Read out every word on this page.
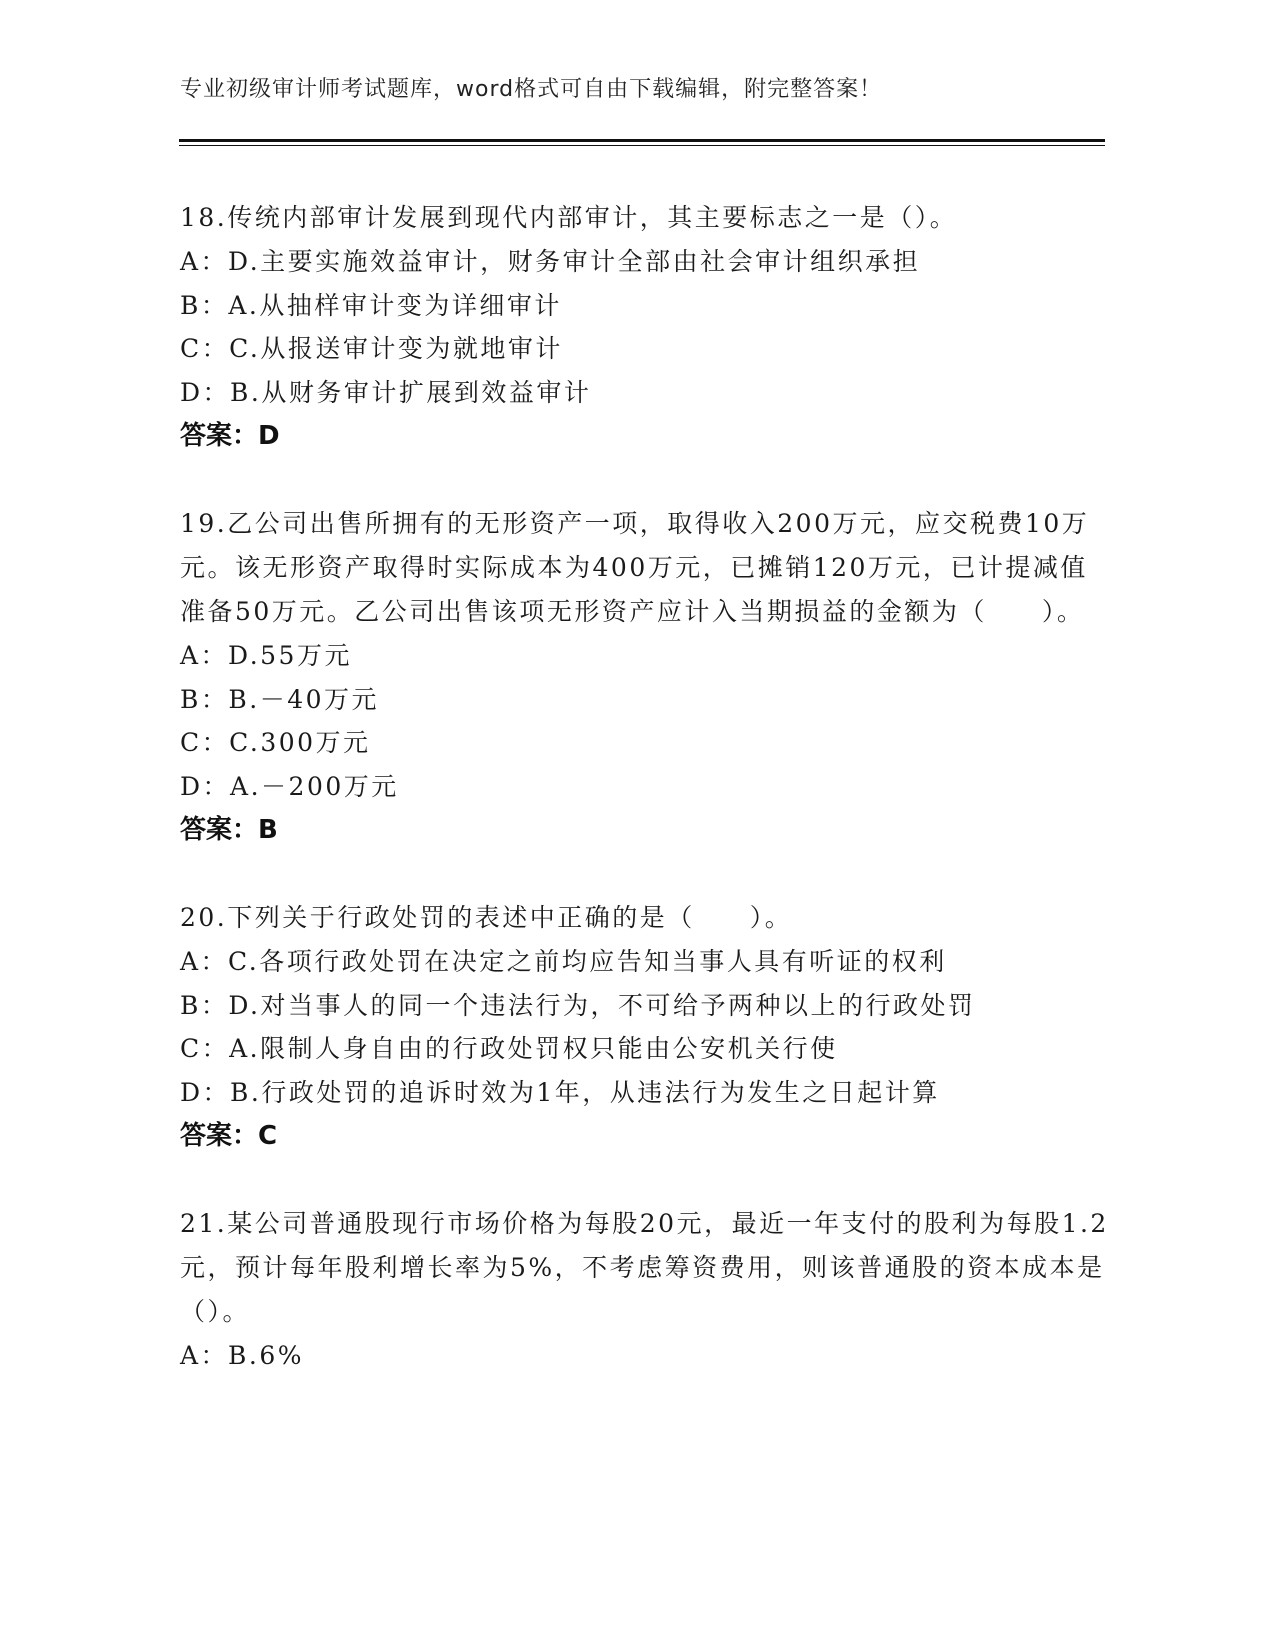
专业初级审计师考试题库，word格式可自由下载编辑，附完整答案！
18.传统内部审计发展到现代内部审计，其主要标志之一是（）。
A：D.主要实施效益审计，财务审计全部由社会审计组织承担
B：A.从抽样审计变为详细审计
C：C.从报送审计变为就地审计
D：B.从财务审计扩展到效益审计
答案：D
19.乙公司出售所拥有的无形资产一项，取得收入200万元，应交税费10万元。该无形资产取得时实际成本为400万元，已摊销120万元，已计提减值准备50万元。乙公司出售该项无形资产应计入当期损益的金额为（　　）。
A：D.55万元
B：B.－40万元
C：C.300万元
D：A.－200万元
答案：B
20.下列关于行政处罚的表述中正确的是（　　）。
A：C.各项行政处罚在决定之前均应告知当事人具有听证的权利
B：D.对当事人的同一个违法行为，不可给予两种以上的行政处罚
C：A.限制人身自由的行政处罚权只能由公安机关行使
D：B.行政处罚的追诉时效为1年，从违法行为发生之日起计算
答案：C
21.某公司普通股现行市场价格为每股20元，最近一年支付的股利为每股1.2元，预计每年股利增长率为5%，不考虑筹资费用，则该普通股的资本成本是（）。
A：B.6%
